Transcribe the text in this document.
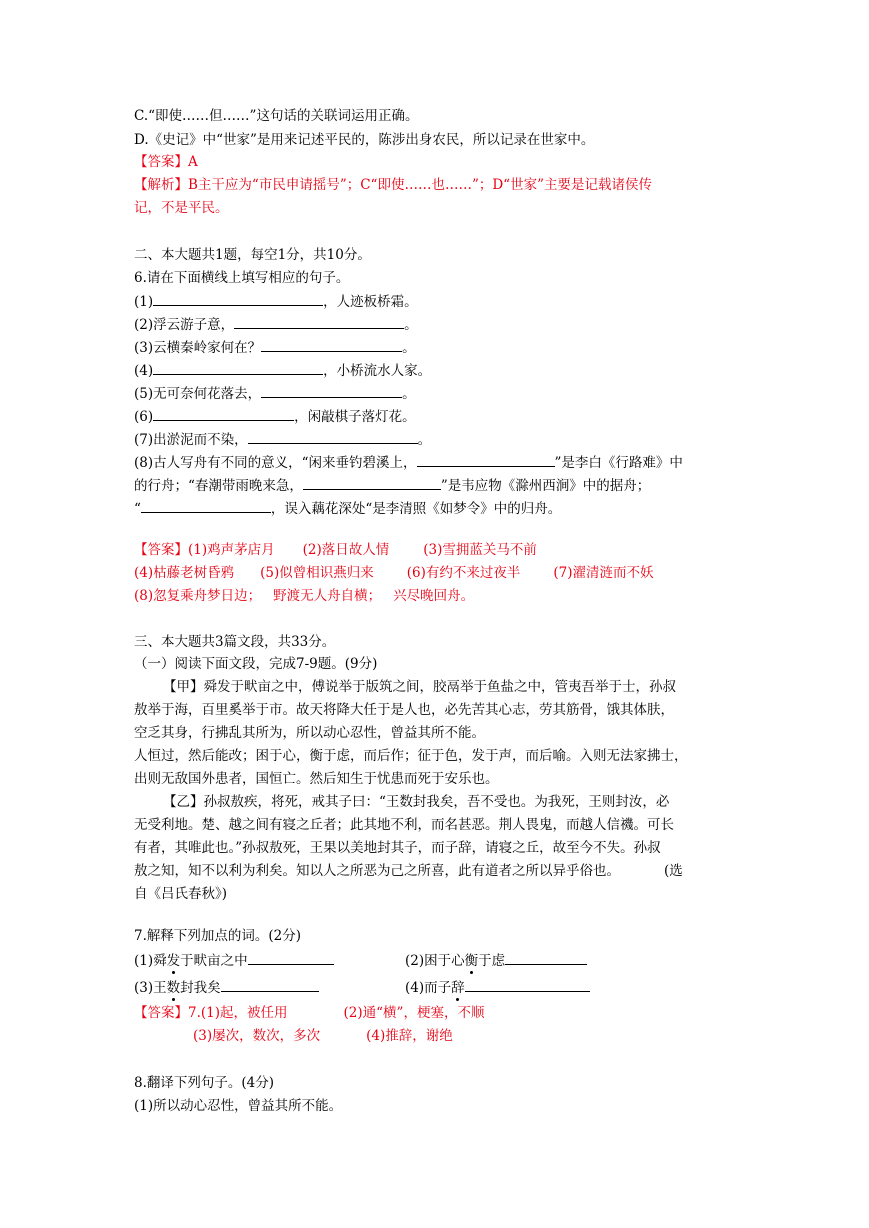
C.“即使……但……”这句话的关联词运用正确。
D.《史记》中“世家”是用来记述平民的，陈涉出身农民，所以记录在世家中。
【答案】A
【解析】B主干应为“市民申请摇号”；C“即使……也……”；D“世家”主要是记载诸侯传
记，不是平民。
二、本大题共1题，每空1分，共10分。
6.请在下面横线上填写相应的句子。
(1)	，人迹板桥霜。
(2)浮云游子意，	。
(3)云横秦岭家何在？	。
(4)	，小桥流水人家。
(5)无可奈何花落去，	。
(6)	，闲敲棋子落灯花。
(7)出淤泥而不染，	。
(8)古人写舟有不同的意义，“闲来垂钓碧溪上，	”是李白《行路难》中
的行舟；“春潮带雨晚来急，	”是韦应物《滁州西涧》中的据舟；
“	，误入藕花深处“是李清照《如梦令》中的归舟。
【答案】(1)鸡声茅店月 (2)落日故人情	(3)雪拥蓝关马不前
(4)枯藤老树昏鸦 (5)似曾相识燕归来 (6)有约不来过夜半 (7)濯清涟而不妖
(8)忽复乘舟梦日边； 野渡无人舟自横； 兴尽晚回舟。
三、本大题共3篇文段，共33分。
（一）阅读下面文段，完成7-9题。(9分)
【甲】舜发于畎亩之中，傅说举于版筑之间，胶鬲举于鱼盐之中，管夷吾举于士，孙叔
敖举于海，百里奚举于市。故天将降大任于是人也，必先苦其心志，劳其筋骨，饿其体肤，
空乏其身，行拂乱其所为，所以动心忍性，曾益其所不能。
人恒过，然后能改；困于心，衡于虑，而后作；征于色，发于声，而后喻。入则无法家拂士，
出则无敌国外患者，国恒亡。然后知生于忧患而死于安乐也。
【乙】孙叔敖疾，将死，戒其子曰：“王数封我矣，吾不受也。为我死，王则封汝，必
无受利地。楚、越之间有寝之丘者；此其地不利，而名甚恶。荆人畏鬼，而越人信禨。可长
有者，其唯此也。”孙叔敖死，王果以美地封其子，而子辞，请寝之丘，故至今不失。孙叔
敖之知，知不以利为利矣。知以人之所恶为己之所喜，此有道者之所以异乎俗也。	(选
自《吕氏春秋》)
7.解释下列加点的词。(2分)
(1)舜发于畎亩之中	(2)困于心衡于虑
(3)王数封我矣	(4)而子辞
【答案】7.(1)起，被任用	(2)通“横”，梗塞，不顺
(3)屡次，数次，多次	(4)推辞，谢绝
8.翻译下列句子。(4分)
(1)所以动心忍性，曾益其所不能。
